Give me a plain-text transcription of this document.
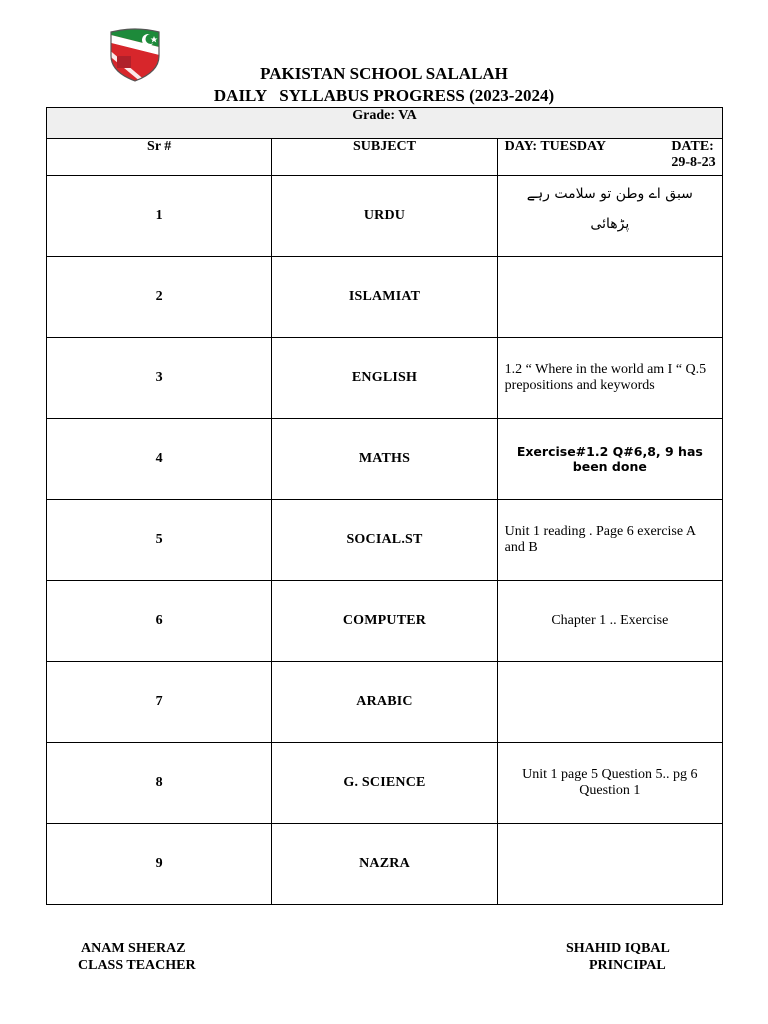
PAKISTAN SCHOOL SALALAH
DAILY   SYLLABUS PROGRESS (2023-2024)
Grade: VA		
Sr #	SUBJECT	DAY: TUESDAY DATE: 29-8-23

1	URDU	سبق اے وطن تو سلامت رہے
پڑھائی

2	ISLAMIAT	
3	ENGLISH	1.2 “ Where in the world am I “ Q.5 prepositions and keywords
4	MATHS	Exercise#1.2 Q#6,8, 9 has been done
5	SOCIAL.ST	Unit 1 reading . Page 6 exercise A and B
6	COMPUTER	Chapter 1 .. Exercise
7	ARABIC	
8	G. SCIENCE	Unit 1 page 5 Question 5.. pg 6 Question 1
9	NAZRA	
ANAM SHERAZ
CLASS TEACHER
SHAHID IQBAL
PRINCIPAL
